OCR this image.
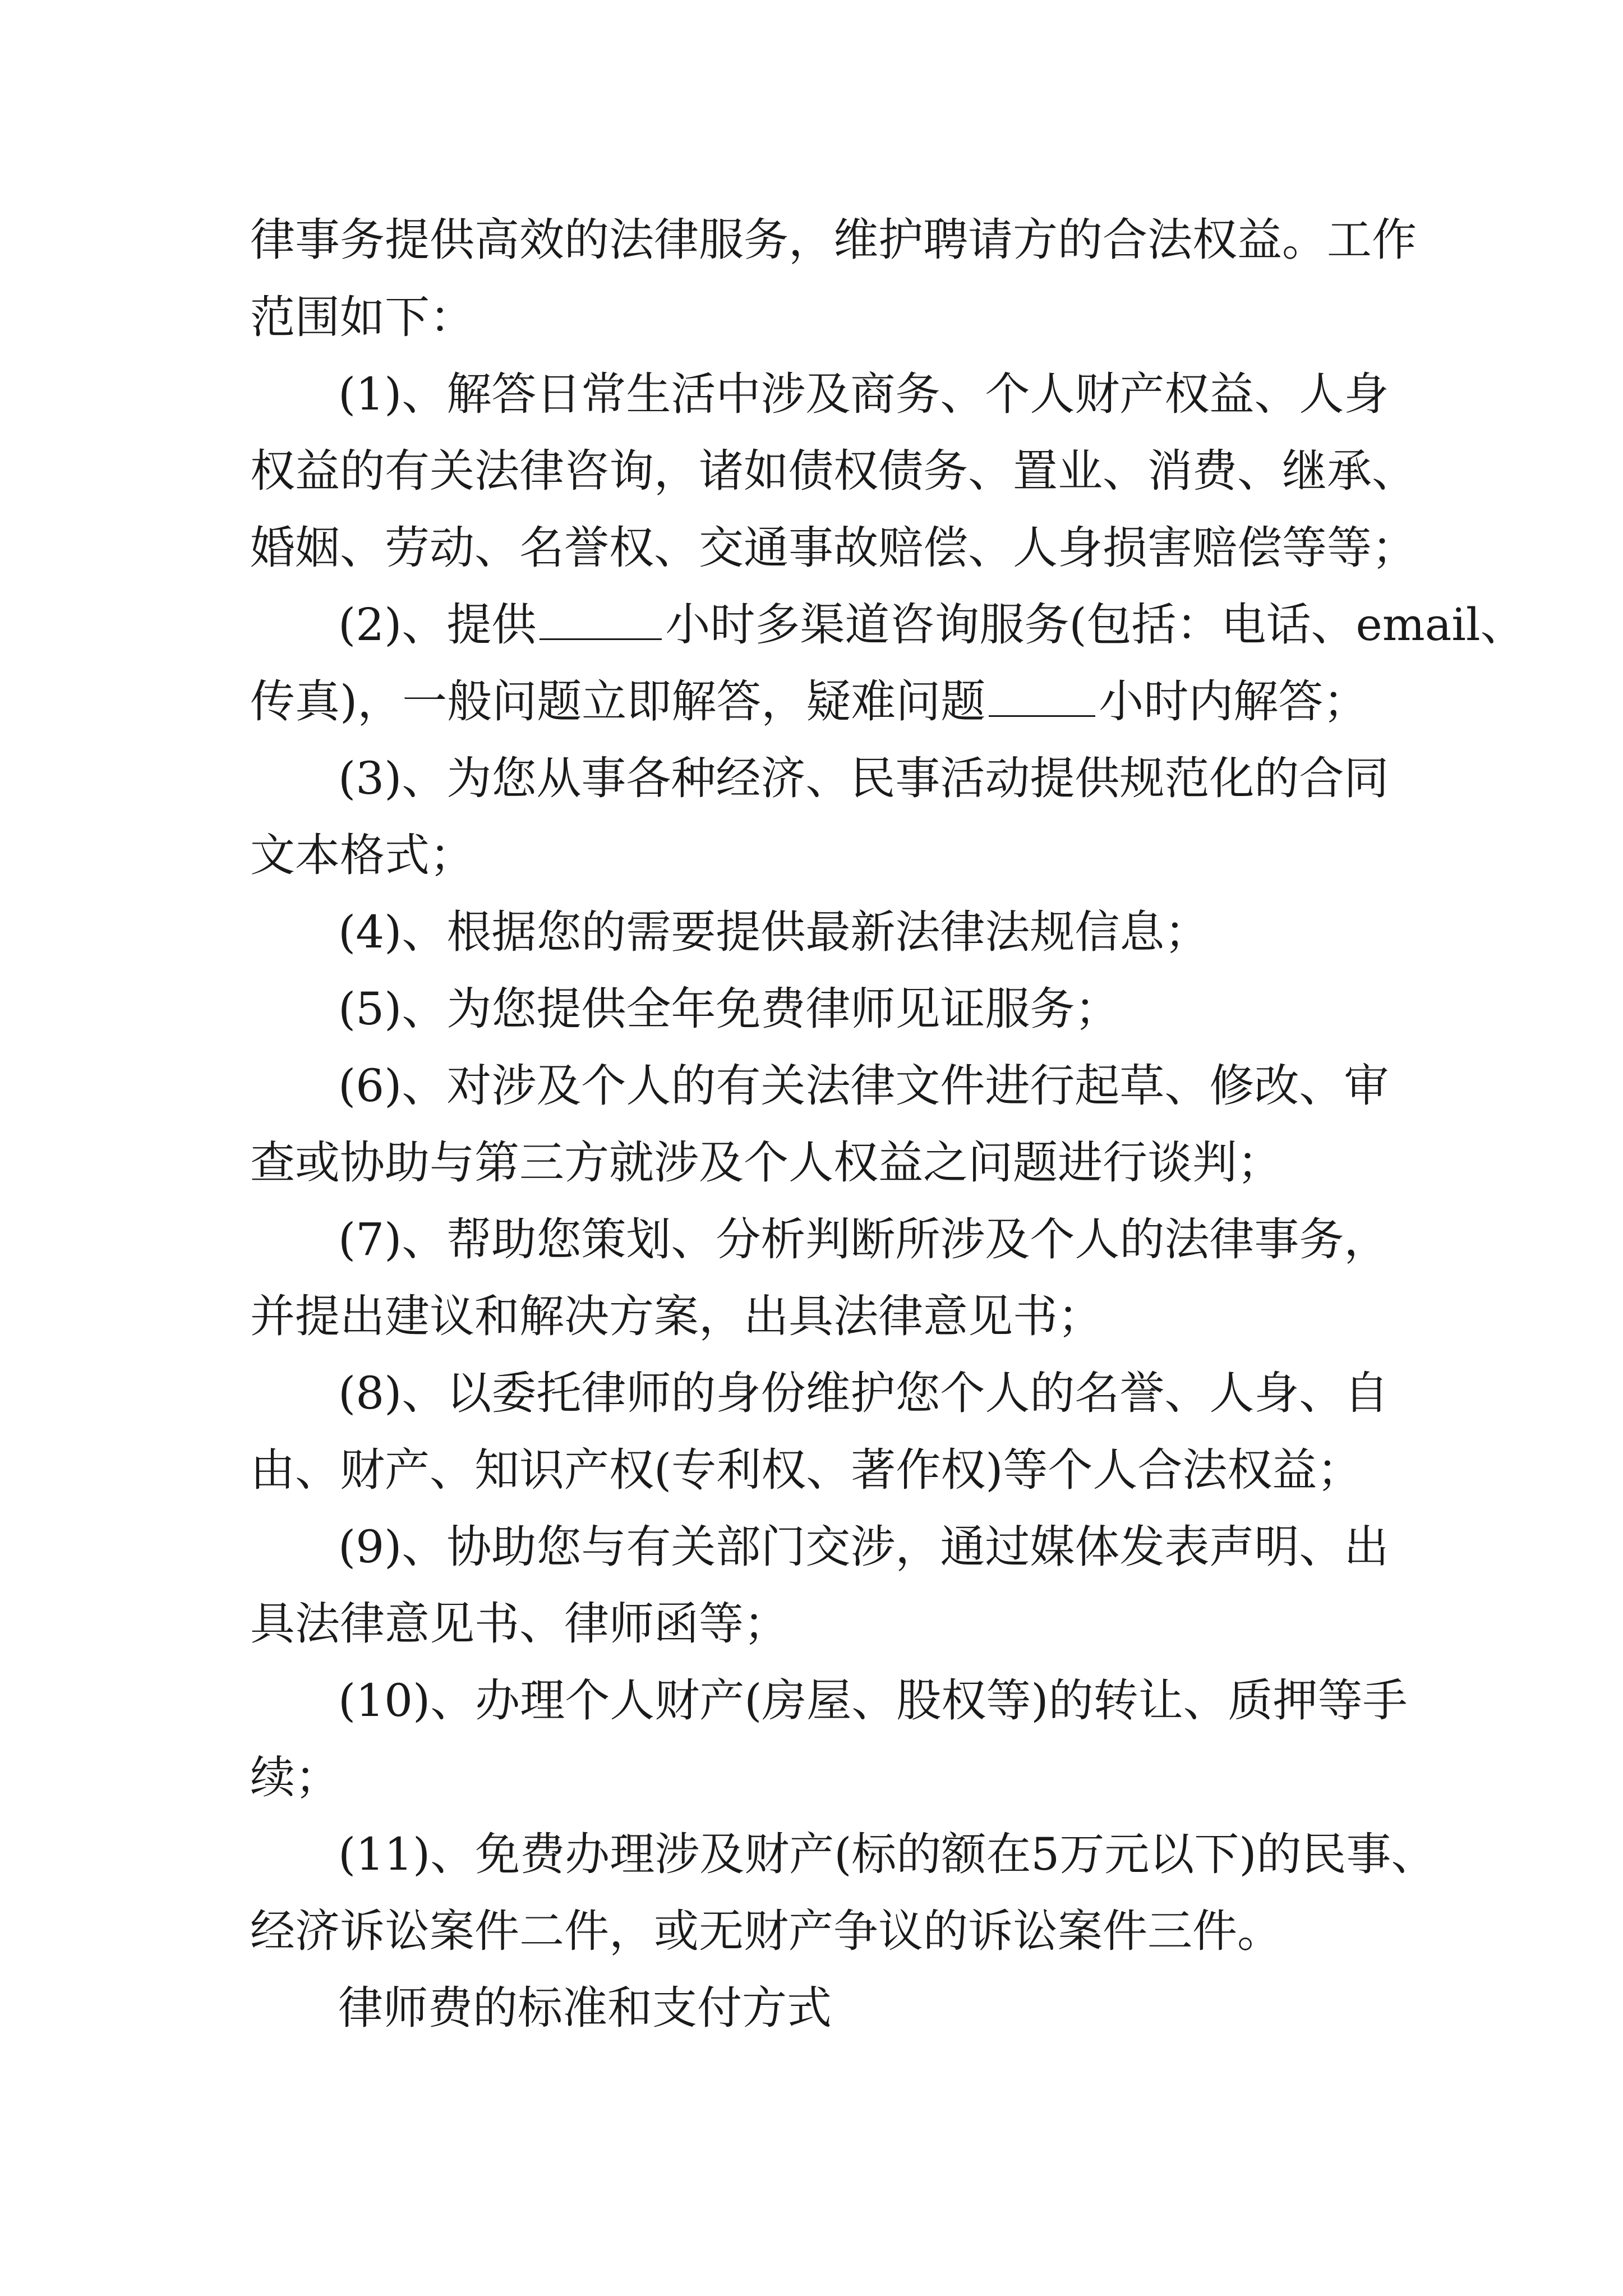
律事务提供高效的法律服务，维护聘请方的合法权益。工作
范围如下：
(1)、解答日常生活中涉及商务、个人财产权益、人身
权益的有关法律咨询，诸如债权债务、置业、消费、继承、
婚姻、劳动、名誉权、交通事故赔偿、人身损害赔偿等等；
(2)、提供	小时多渠道咨询服务(包括：电话、email、
传真)，一般问题立即解答，疑难问题	小时内解答；
(3)、为您从事各种经济、民事活动提供规范化的合同
文本格式；
(4)、根据您的需要提供最新法律法规信息；
(5)、为您提供全年免费律师见证服务；
(6)、对涉及个人的有关法律文件进行起草、修改、审
查或协助与第三方就涉及个人权益之问题进行谈判；
(7)、帮助您策划、分析判断所涉及个人的法律事务，
并提出建议和解决方案，出具法律意见书；
(8)、以委托律师的身份维护您个人的名誉、人身、自
由、财产、知识产权(专利权、著作权)等个人合法权益；
(9)、协助您与有关部门交涉，通过媒体发表声明、出
具法律意见书、律师函等；
(10)、办理个人财产(房屋、股权等)的转让、质押等手
续；
(11)、免费办理涉及财产(标的额在5万元以下)的民事、
经济诉讼案件二件，或无财产争议的诉讼案件三件。
律师费的标准和支付方式
